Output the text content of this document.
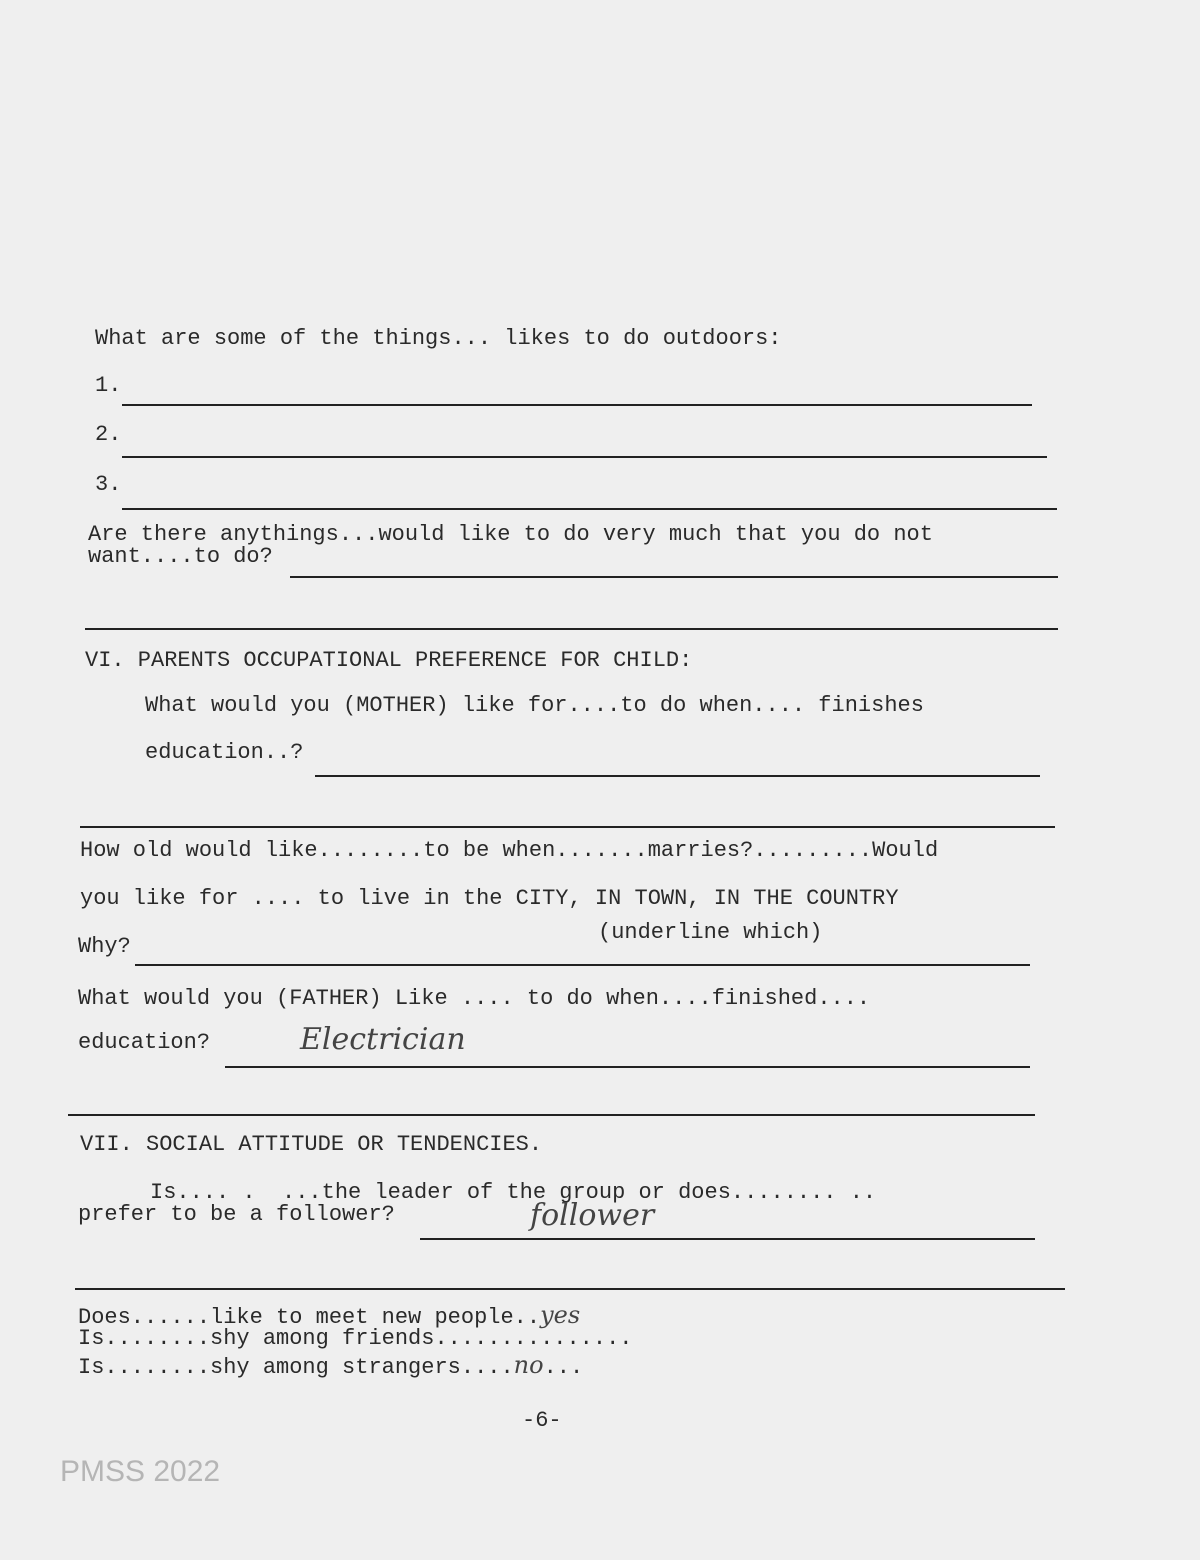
What are some of the things... likes to do outdoors:
1.
2.
3.
Are there anythings...would like to do very much that you do not
want....to do?
VI. PARENTS OCCUPATIONAL PREFERENCE FOR CHILD:
What would you (MOTHER) like for....to do when.... finishes
education..?
How old would like........to be when.......marries?.........Would
you like for .... to live in the CITY, IN TOWN, IN THE COUNTRY
(underline which)
Why?
What would you (FATHER) Like .... to do when....finished....
education?	Electrician
VII. SOCIAL ATTITUDE OR TENDENCIES.
Is.... .  ...the leader of the group or does........ ..
prefer to be a follower?	follower
Does......like to meet new people..yes
Is........shy among friends...............
Is........shy among strangers....no...
-6-
PMSS 2022
